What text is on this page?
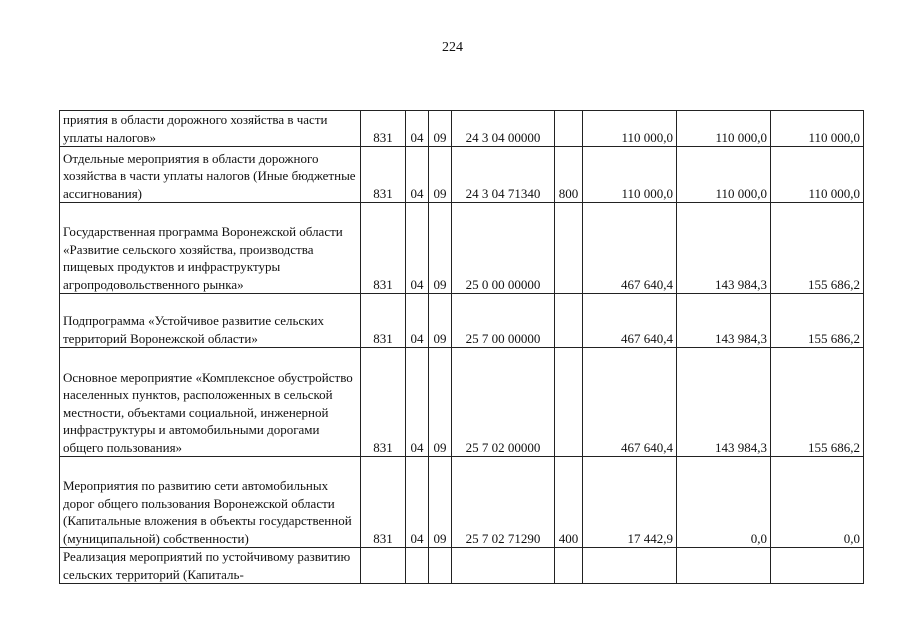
224
приятия в области дорожного хозяйства в части уплаты налогов»	831	04	09	24 3 04 00000		110 000,0	110 000,0	110 000,0
Отдельные мероприятия в области дорожного хозяйства в части уплаты налогов (Иные бюджетные ассигнования)	831	04	09	24 3 04 71340	800	110 000,0	110 000,0	110 000,0
Государственная программа Воронежской области «Развитие сельского хозяйства, производства пищевых продуктов и инфраструктуры агропродовольственного рынка»	831	04	09	25 0 00 00000		467 640,4	143 984,3	155 686,2
Подпрограмма «Устойчивое развитие сельских территорий Воронежской области»	831	04	09	25 7 00 00000		467 640,4	143 984,3	155 686,2
Основное мероприятие «Комплексное обустройство населенных пунктов, расположенных в сельской местности, объектами социальной, инженерной инфраструктуры и автомобильными дорогами общего пользования»	831	04	09	25 7 02 00000		467 640,4	143 984,3	155 686,2
Мероприятия по развитию сети автомобильных дорог общего пользования Воронежской области (Капитальные вложения в объекты государственной (муниципальной) собственности)	831	04	09	25 7 02 71290	400	17 442,9	0,0	0,0
Реализация мероприятий по устойчивому развитию сельских территорий (Капиталь-								
